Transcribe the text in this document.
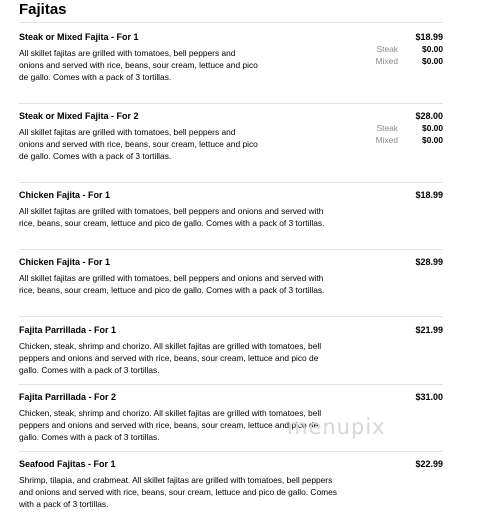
Fajitas
Steak or Mixed Fajita - For 1	$18.99
All skillet fajitas are grilled with tomatoes, bell peppers and onions and served with rice, beans, sour cream, lettuce and pico de gallo. Comes with a pack of 3 tortillas.
Steak	$0.00
Mixed	$0.00
Steak or Mixed Fajita - For 2	$28.00
All skillet fajitas are grilled with tomatoes, bell peppers and onions and served with rice, beans, sour cream, lettuce and pico de gallo. Comes with a pack of 3 tortillas.
Steak	$0.00
Mixed	$0.00
Chicken Fajita - For 1	$18.99
All skillet fajitas are grilled with tomatoes, bell peppers and onions and served with rice, beans, sour cream, lettuce and pico de gallo. Comes with a pack of 3 tortillas.
Chicken Fajita - For 1	$28.99
All skillet fajitas are grilled with tomatoes, bell peppers and onions and served with rice, beans, sour cream, lettuce and pico de gallo. Comes with a pack of 3 tortillas.
Fajita Parrillada - For 1	$21.99
Chicken, steak, shrimp and chorizo. All skillet fajitas are grilled with tomatoes, bell peppers and onions and served with rice, beans, sour cream, lettuce and pico de gallo. Comes with a pack of 3 tortillas.
Fajita Parrillada - For 2	$31.00
Chicken, steak, shrimp and chorizo. All skillet fajitas are grilled with tomatoes, bell peppers and onions and served with rice, beans, sour cream, lettuce and pico de gallo. Comes with a pack of 3 tortillas.
Seafood Fajitas - For 1	$22.99
Shrimp, tilapia, and crabmeat. All skillet fajitas are grilled with tomatoes, bell peppers and onions and served with rice, beans, sour cream, lettuce and pico de gallo. Comes with a pack of 3 tortillas.
menupix
